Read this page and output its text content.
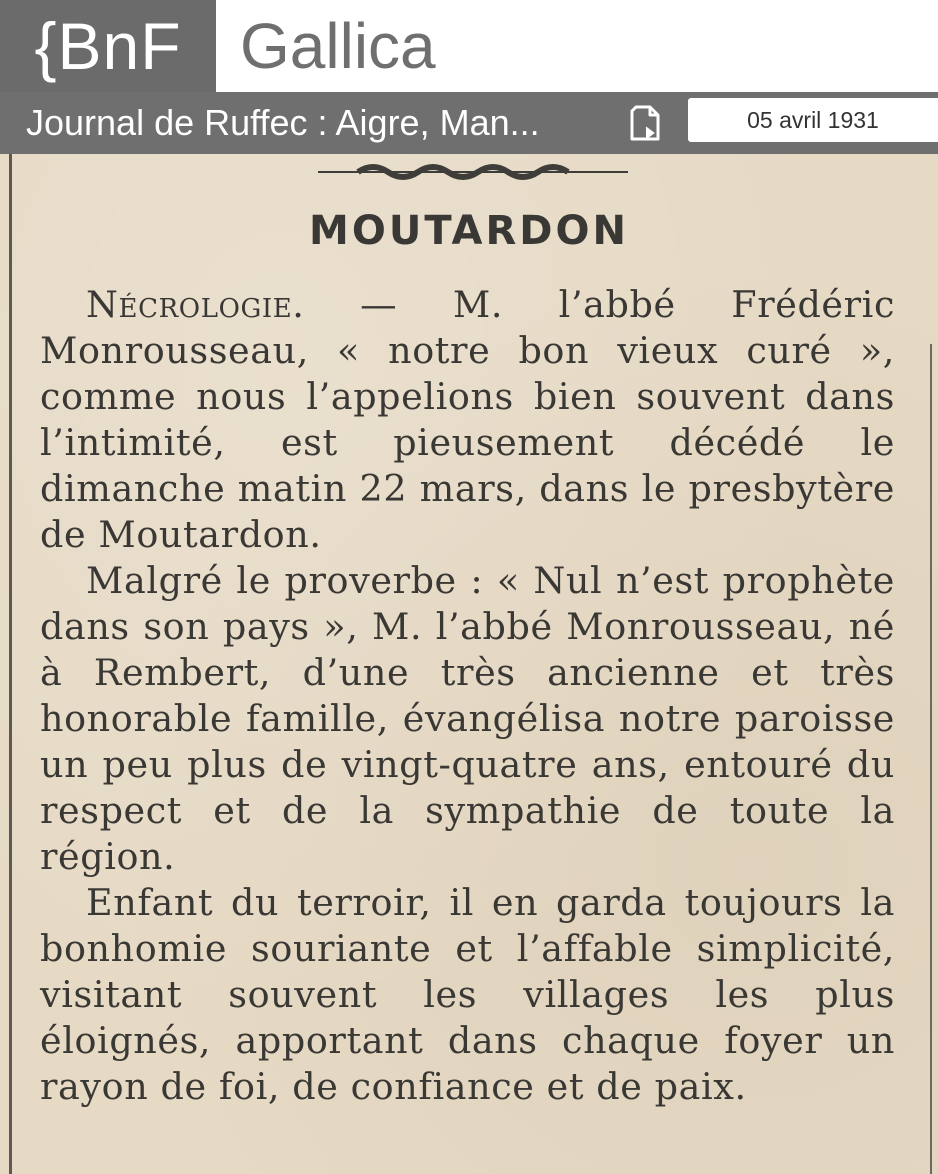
{BnF Gallica
Journal de Ruffec : Aigre, Man...	05 avril 1931
MOUTARDON

Nécrologie. — M. l’abbé Frédéric Monrousseau, « notre bon vieux curé », comme nous l’appelions bien souvent dans l’intimité, est pieusement décédé le dimanche matin 22 mars, dans le presbytère de Moutardon.

Malgré le proverbe : « Nul n’est prophète dans son pays », M. l’abbé Monrousseau, né à Rembert, d’une très ancienne et très honorable famille, évangélisa notre paroisse un peu plus de vingt-quatre ans, entouré du respect et de la sympathie de toute la région.

Enfant du terroir, il en garda toujours la bonhomie souriante et l’affable simplicité, visitant souvent les villages les plus éloignés, apportant dans chaque foyer un rayon de foi, de confiance et de paix.
